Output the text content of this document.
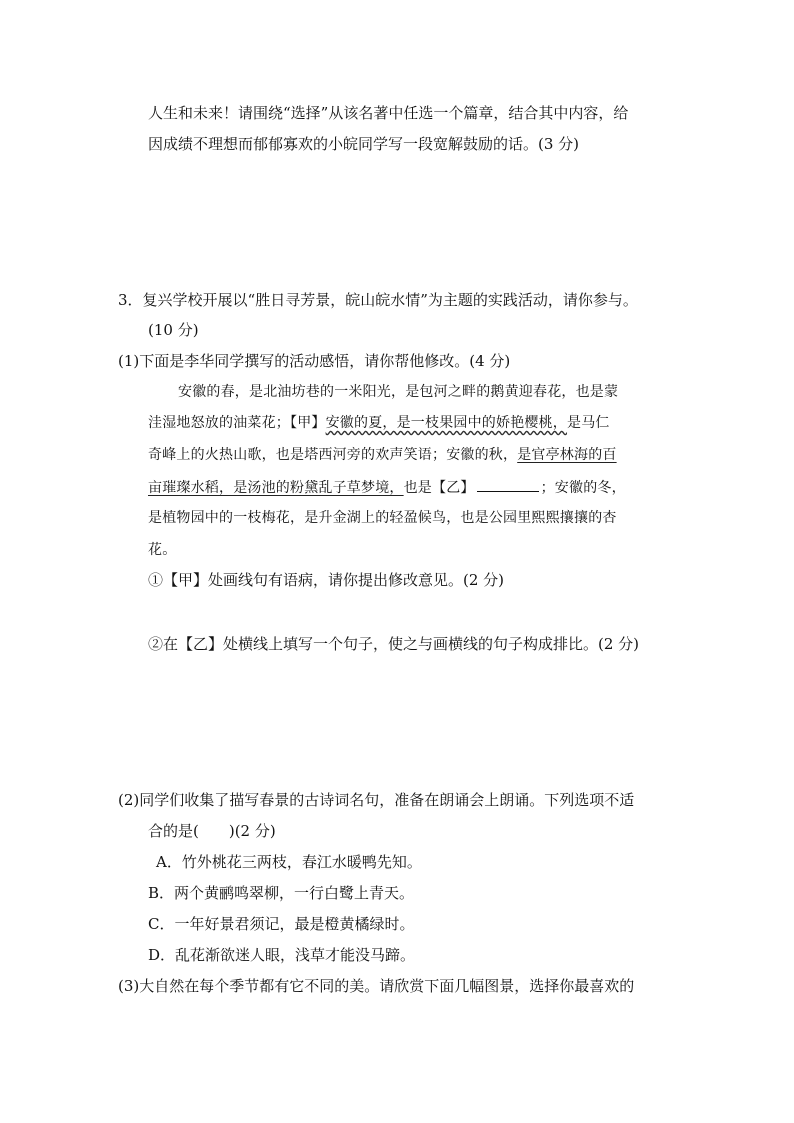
人生和未来！请围绕“选择”从该名著中任选一个篇章，结合其中内容，给
因成绩不理想而郁郁寡欢的小皖同学写一段宽解鼓励的话。(3 分)
3．复兴学校开展以“胜日寻芳景，皖山皖水情”为主题的实践活动，请你参与。
(10 分)
(1)下面是李华同学撰写的活动感悟，请你帮他修改。(4 分)
安徽的春，是北油坊巷的一米阳光，是包河之畔的鹅黄迎春花，也是蒙
洼湿地怒放的油菜花；【甲】安徽的夏，是一枝果园中的娇艳樱桃，是马仁
奇峰上的火热山歌，也是塔西河旁的欢声笑语；安徽的秋，是官亭林海的百
亩璀璨水稻，是汤池的粉黛乱子草梦境，也是【乙】	；安徽的冬，
是植物园中的一枝梅花，是升金湖上的轻盈候鸟，也是公园里熙熙攘攘的杏
花。
①【甲】处画线句有语病，请你提出修改意见。(2 分)
②在【乙】处横线上填写一个句子，使之与画横线的句子构成排比。(2 分)
(2)同学们收集了描写春景的古诗词名句，准备在朗诵会上朗诵。下列选项不适
合的是(　　)(2 分)
A．竹外桃花三两枝，春江水暖鸭先知。
B．两个黄鹂鸣翠柳，一行白鹭上青天。
C．一年好景君须记，最是橙黄橘绿时。
D．乱花渐欲迷人眼，浅草才能没马蹄。
(3)大自然在每个季节都有它不同的美。请欣赏下面几幅图景，选择你最喜欢的
